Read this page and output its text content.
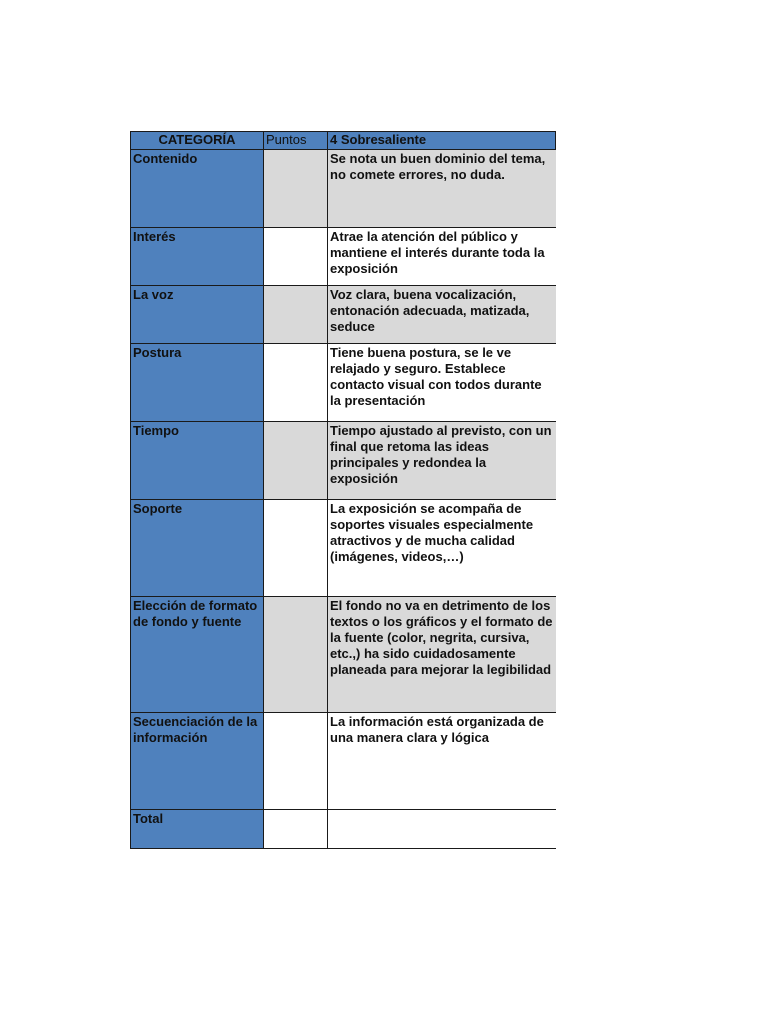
CATEGORÍA	Puntos	4 Sobresaliente
Contenido		Se nota un buen dominio del tema, no comete errores, no duda.
Interés		Atrae la atención del público y mantiene el interés durante toda la exposición
La voz		Voz clara, buena vocalización, entonación adecuada, matizada, seduce
Postura		Tiene buena postura, se le ve relajado y seguro. Establece contacto visual con todos durante la presentación
Tiempo		Tiempo ajustado al previsto, con un final que retoma las ideas principales y redondea la exposición
Soporte		La exposición se acompaña de soportes visuales especialmente atractivos y de mucha calidad (imágenes, videos,…)
Elección de formato de fondo y fuente		El fondo no va en detrimento de los textos o los gráficos y el formato de la fuente (color, negrita, cursiva, etc.,) ha sido cuidadosamente planeada para mejorar la legibilidad
Secuenciación de la información		La información está organizada de una manera clara y lógica
Total		
